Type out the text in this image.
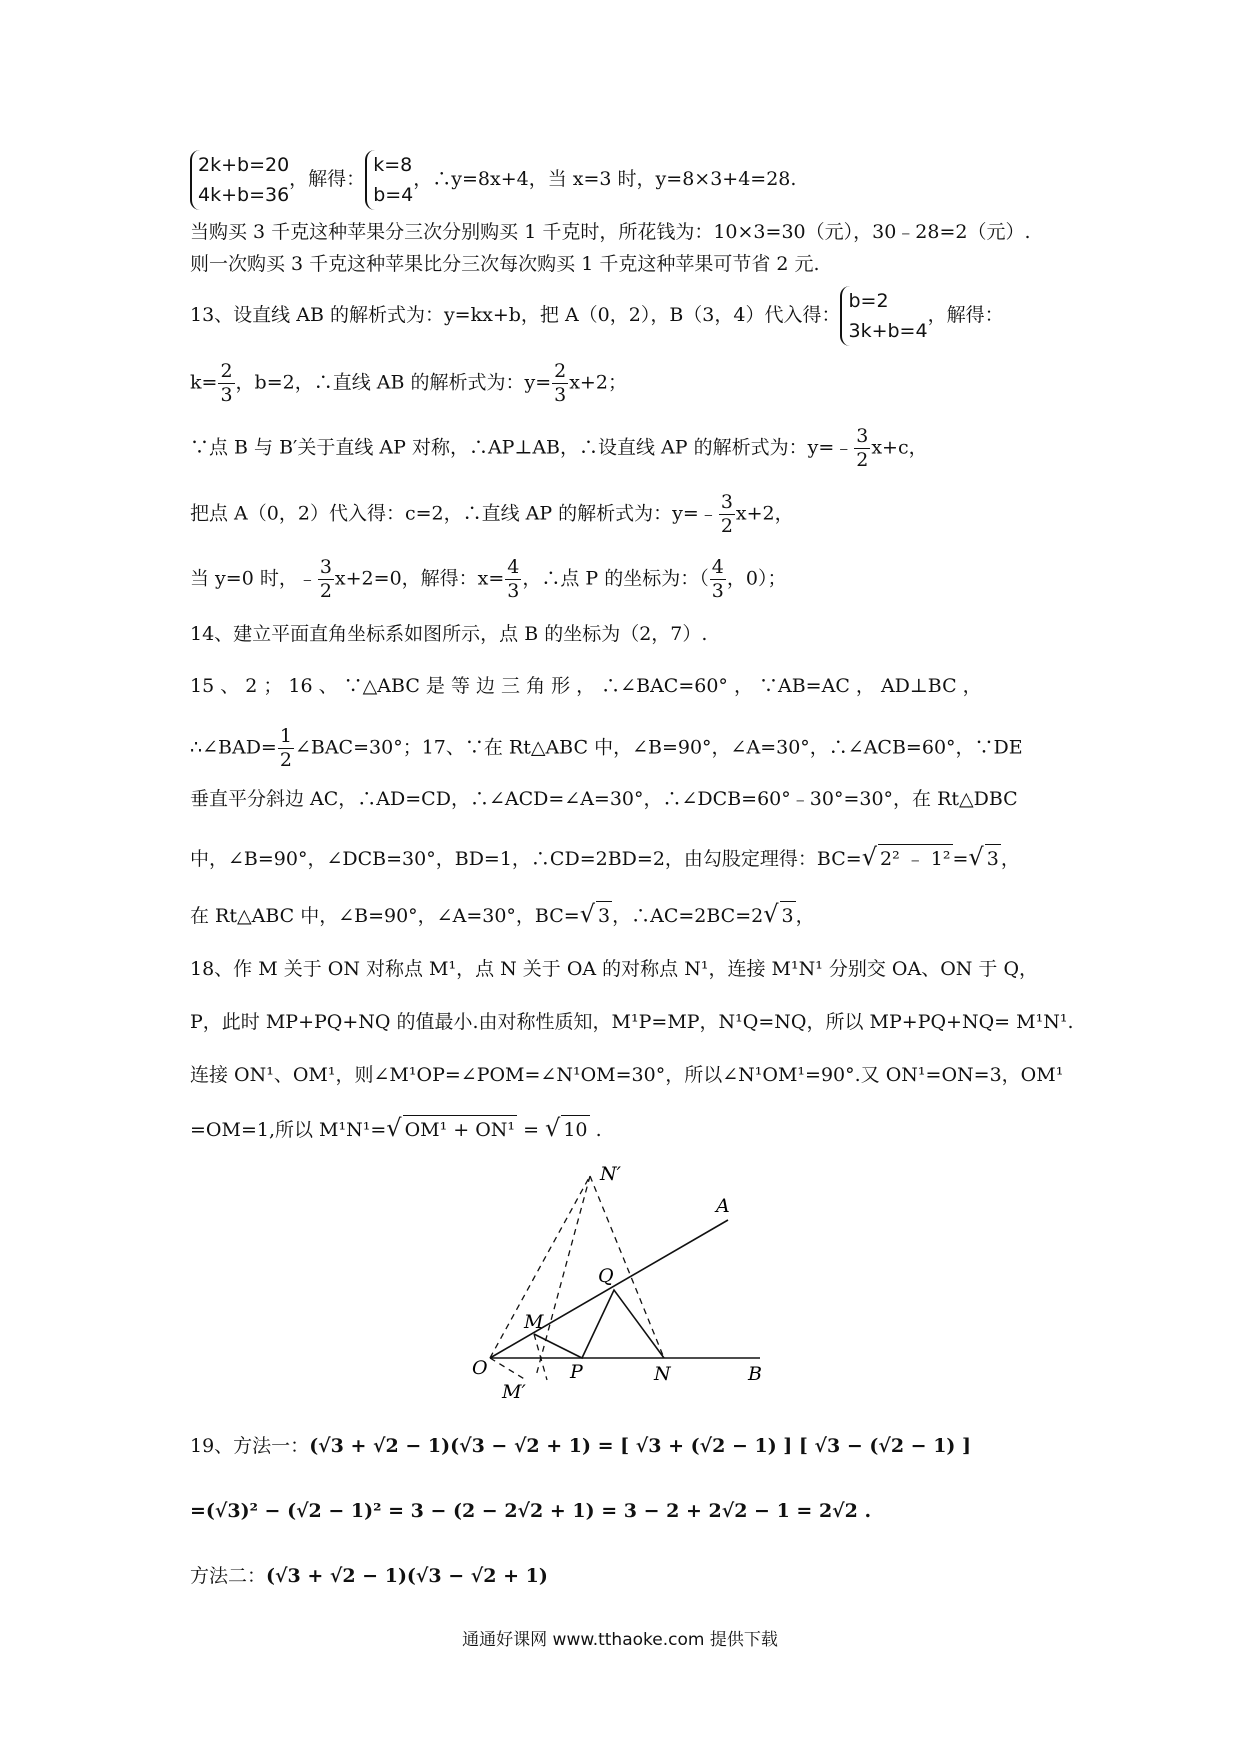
2k+b=20
4k+b=36，解得：k=8
b=4，∴y=8x+4，当 x=3 时，y=8×3+4=28.
当购买 3 千克这种苹果分三次分别购买 1 千克时，所花钱为：10×3=30（元），30﹣28=2（元）.
则一次购买 3 千克这种苹果比分三次每次购买 1 千克这种苹果可节省 2 元.
13、设直线 AB 的解析式为：y=kx+b，把 A（0，2），B（3，4）代入得：b=2
3k+b=4，解得：
$k= \frac{2}{3}$ ，b=2，∴直线 AB 的解析式为：$y= \frac{2}{3} x+2$；
∵点 B 与 B′关于直线 AP 对称，∴AP⊥AB，∴设直线 AP 的解析式为：y=﹣ $\frac{3}{2} x+c$，
把点 A（0，2）代入得：c=2，∴直线 AP 的解析式为：y=﹣ $\frac{3}{2} x+2$，
当 y=0 时，﹣ $\frac{3}{2} x+2=0$，解得：$x= \frac{4}{3}$ ，∴点 P 的坐标为：（ $\frac{4}{3}$ ，0）；
14、建立平面直角坐标系如图所示，点 B 的坐标为（2，7）.
15 、 2 ； 16 、 ∵△ABC 是 等 边 三 角 形 ， ∴∠BAC=60° ， ∵AB=AC ， AD⊥BC ，
∴∠BAD= $\frac{1}{2}$ ∠BAC=30°；17、∵在 Rt△ABC 中，∠B=90°，∠A=30°，∴∠ACB=60°，∵DE
垂直平分斜边 AC，∴AD=CD，∴∠ACD=∠A=30°，∴∠DCB=60°﹣30°=30°，在 Rt△DBC
中，∠B=90°，∠DCB=30°，BD=1，∴CD=2BD=2，由勾股定理得：BC=√ 2² ﹣ 1² =√ 3 ，
在 Rt△ABC 中，∠B=90°，∠A=30°，BC=√ 3 ，∴AC=2BC=2√ 3 ，
18、作 M 关于 ON 对称点 M¹，点 N 关于 OA 的对称点 N¹，连接 M¹N¹ 分别交 OA、ON 于 Q，
P，此时 MP+PQ+NQ 的值最小.由对称性质知，M¹P=MP，N¹Q=NQ，所以 MP+PQ+NQ= M¹N¹.
连接 ON¹、OM¹，则∠M¹OP=∠POM=∠N¹OM=30°，所以∠N¹OM¹=90°.又 ON¹=ON=3，OM¹
=OM=1,所以 M¹N¹=√ OM¹ + ON¹ = √ 10 .
N′
A
Q
M
O	P	N	B
M′
19、方法一：(√3 + √2 − 1)(√3 − √2 + 1) = [ √3 + (√2 − 1) ] [ √3 − (√2 − 1) ]
=(√3)² − (√2 − 1)² = 3 − (2 − 2√2 + 1) = 3 − 2 + 2√2 − 1 = 2√2 .
方法二：(√3 + √2 − 1)(√3 − √2 + 1)
通通好课网 www.tthaoke.com 提供下载
